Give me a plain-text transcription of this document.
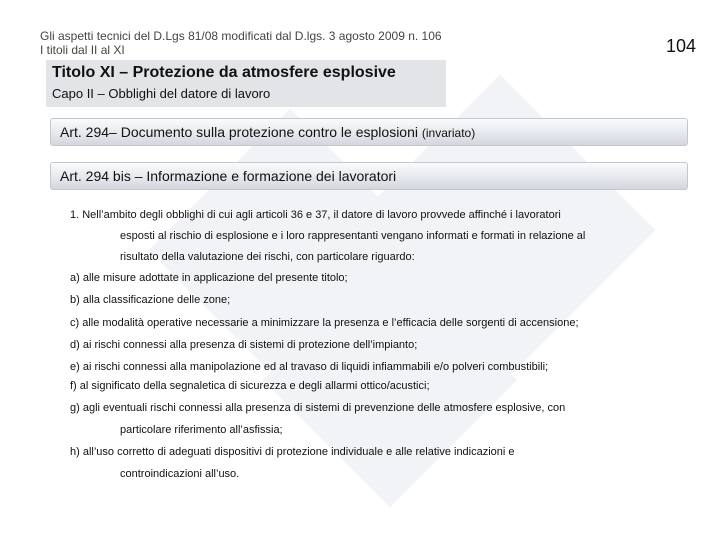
Gli aspetti tecnici del D.Lgs 81/08 modificati dal D.lgs. 3 agosto 2009 n. 106
I titoli dal II al XI	104
Titolo XI – Protezione da atmosfere esplosive
Capo II – Obblighi del datore di lavoro
Art. 294– Documento sulla protezione contro le esplosioni (invariato)
Art. 294 bis – Informazione e formazione dei lavoratori
1. Nell’ambito degli obblighi di cui agli articoli 36 e 37, il datore di lavoro provvede affinché i lavoratori
esposti al rischio di esplosione e i loro rappresentanti vengano informati e formati in relazione al
risultato della valutazione dei rischi, con particolare riguardo:
a) alle misure adottate in applicazione del presente titolo;
b) alla classificazione delle zone;
c) alle modalità operative necessarie a minimizzare la presenza e l’efficacia delle sorgenti di accensione;
d) ai rischi connessi alla presenza di sistemi di protezione dell’impianto;
e) ai rischi connessi alla manipolazione ed al travaso di liquidi infiammabili e/o polveri combustibili;
f) al significato della segnaletica di sicurezza e degli allarmi ottico/acustici;
g) agli eventuali rischi connessi alla presenza di sistemi di prevenzione delle atmosfere esplosive, con
particolare riferimento all’asfissia;
h) all’uso corretto di adeguati dispositivi di protezione individuale e alle relative indicazioni e
controindicazioni all’uso.
